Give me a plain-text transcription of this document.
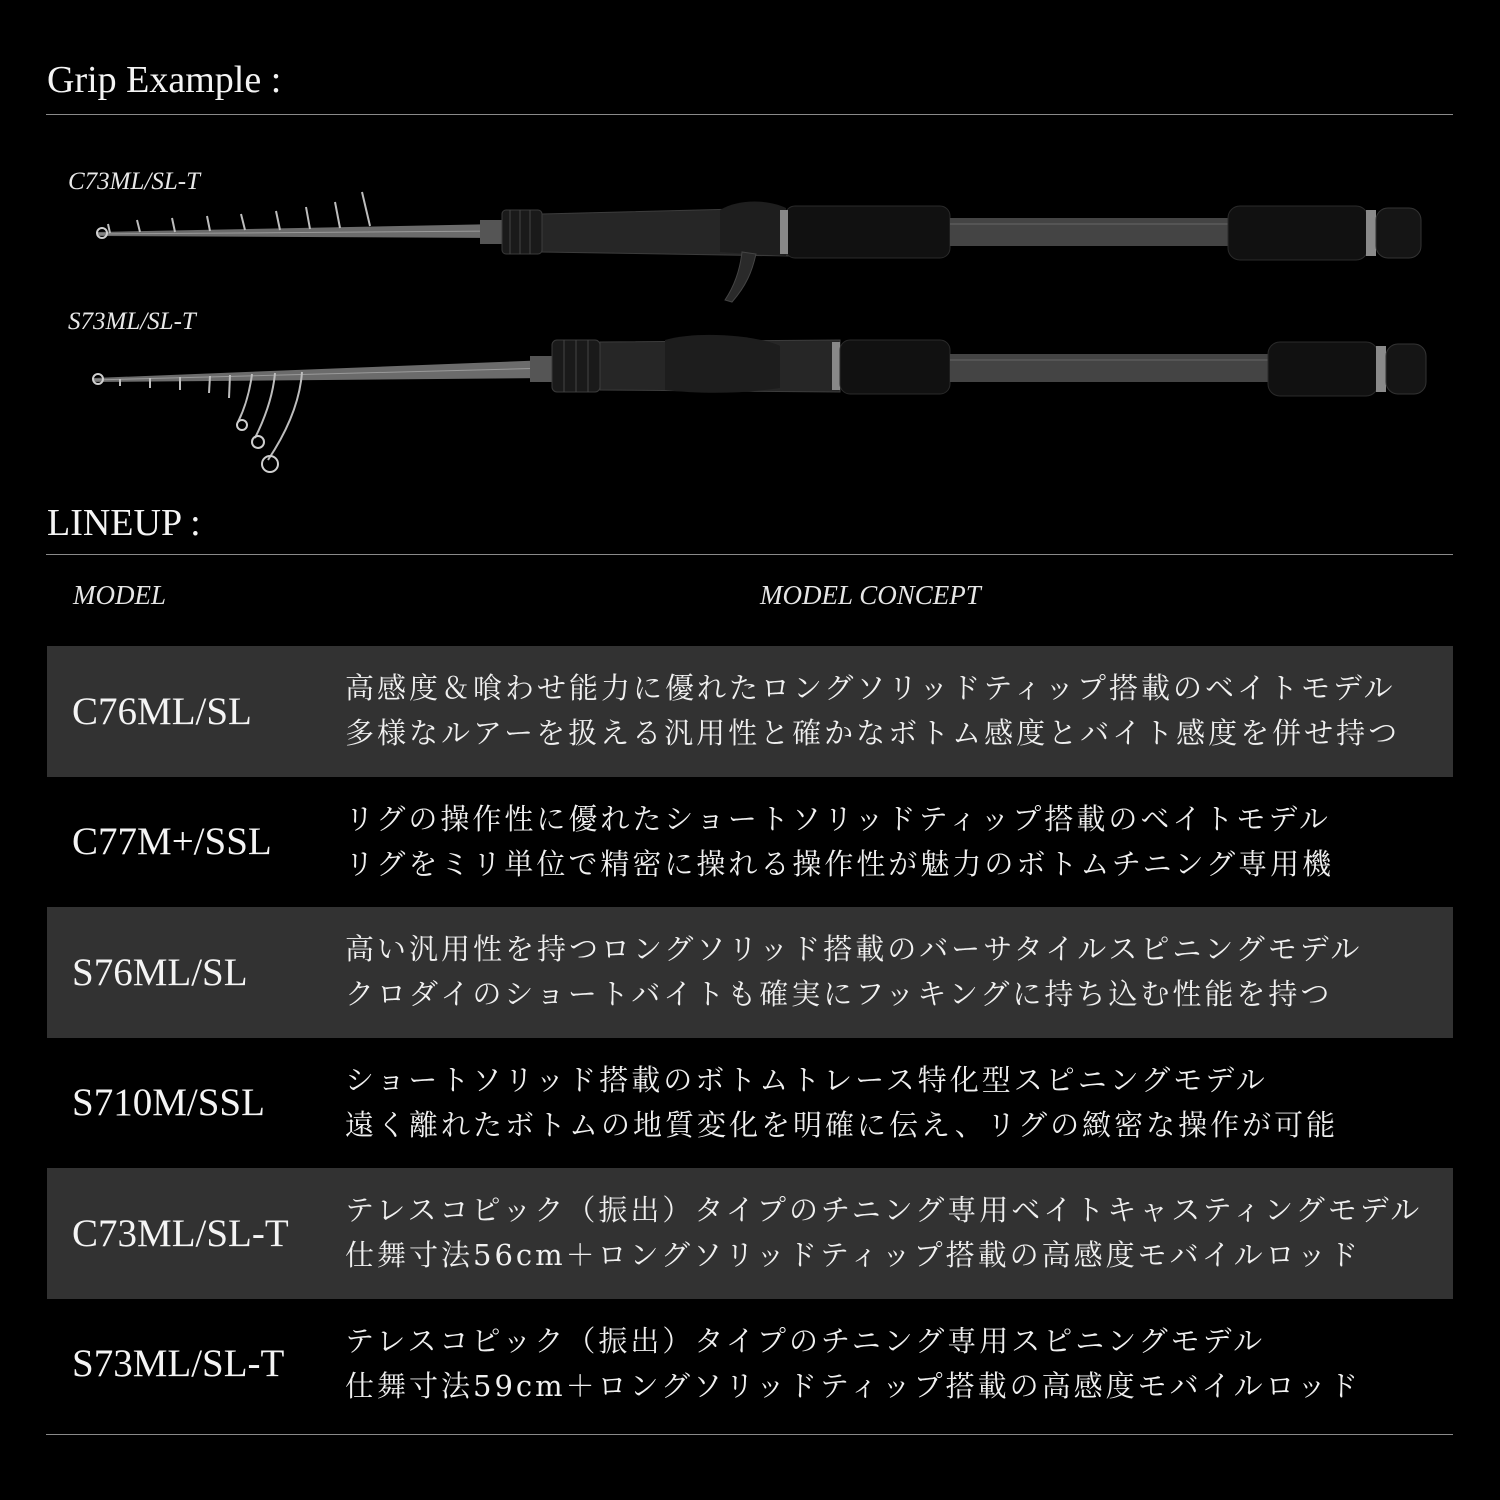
Grip Example :
C73ML/SL-T
S73ML/SL-T
LINEUP :
MODEL	MODEL CONCEPT
C76ML/SL
高感度＆喰わせ能力に優れたロングソリッドティップ搭載のベイトモデル
多様なルアーを扱える汎用性と確かなボトム感度とバイト感度を併せ持つ
C77M+/SSL
リグの操作性に優れたショートソリッドティップ搭載のベイトモデル
リグをミリ単位で精密に操れる操作性が魅力のボトムチニング専用機
S76ML/SL
高い汎用性を持つロングソリッド搭載のバーサタイルスピニングモデル
クロダイのショートバイトも確実にフッキングに持ち込む性能を持つ
S710M/SSL
ショートソリッド搭載のボトムトレース特化型スピニングモデル
遠く離れたボトムの地質変化を明確に伝え、リグの緻密な操作が可能
C73ML/SL-T
テレスコピック（振出）タイプのチニング専用ベイトキャスティングモデル
仕舞寸法56cm＋ロングソリッドティップ搭載の高感度モバイルロッド
S73ML/SL-T
テレスコピック（振出）タイプのチニング専用スピニングモデル
仕舞寸法59cm＋ロングソリッドティップ搭載の高感度モバイルロッド
